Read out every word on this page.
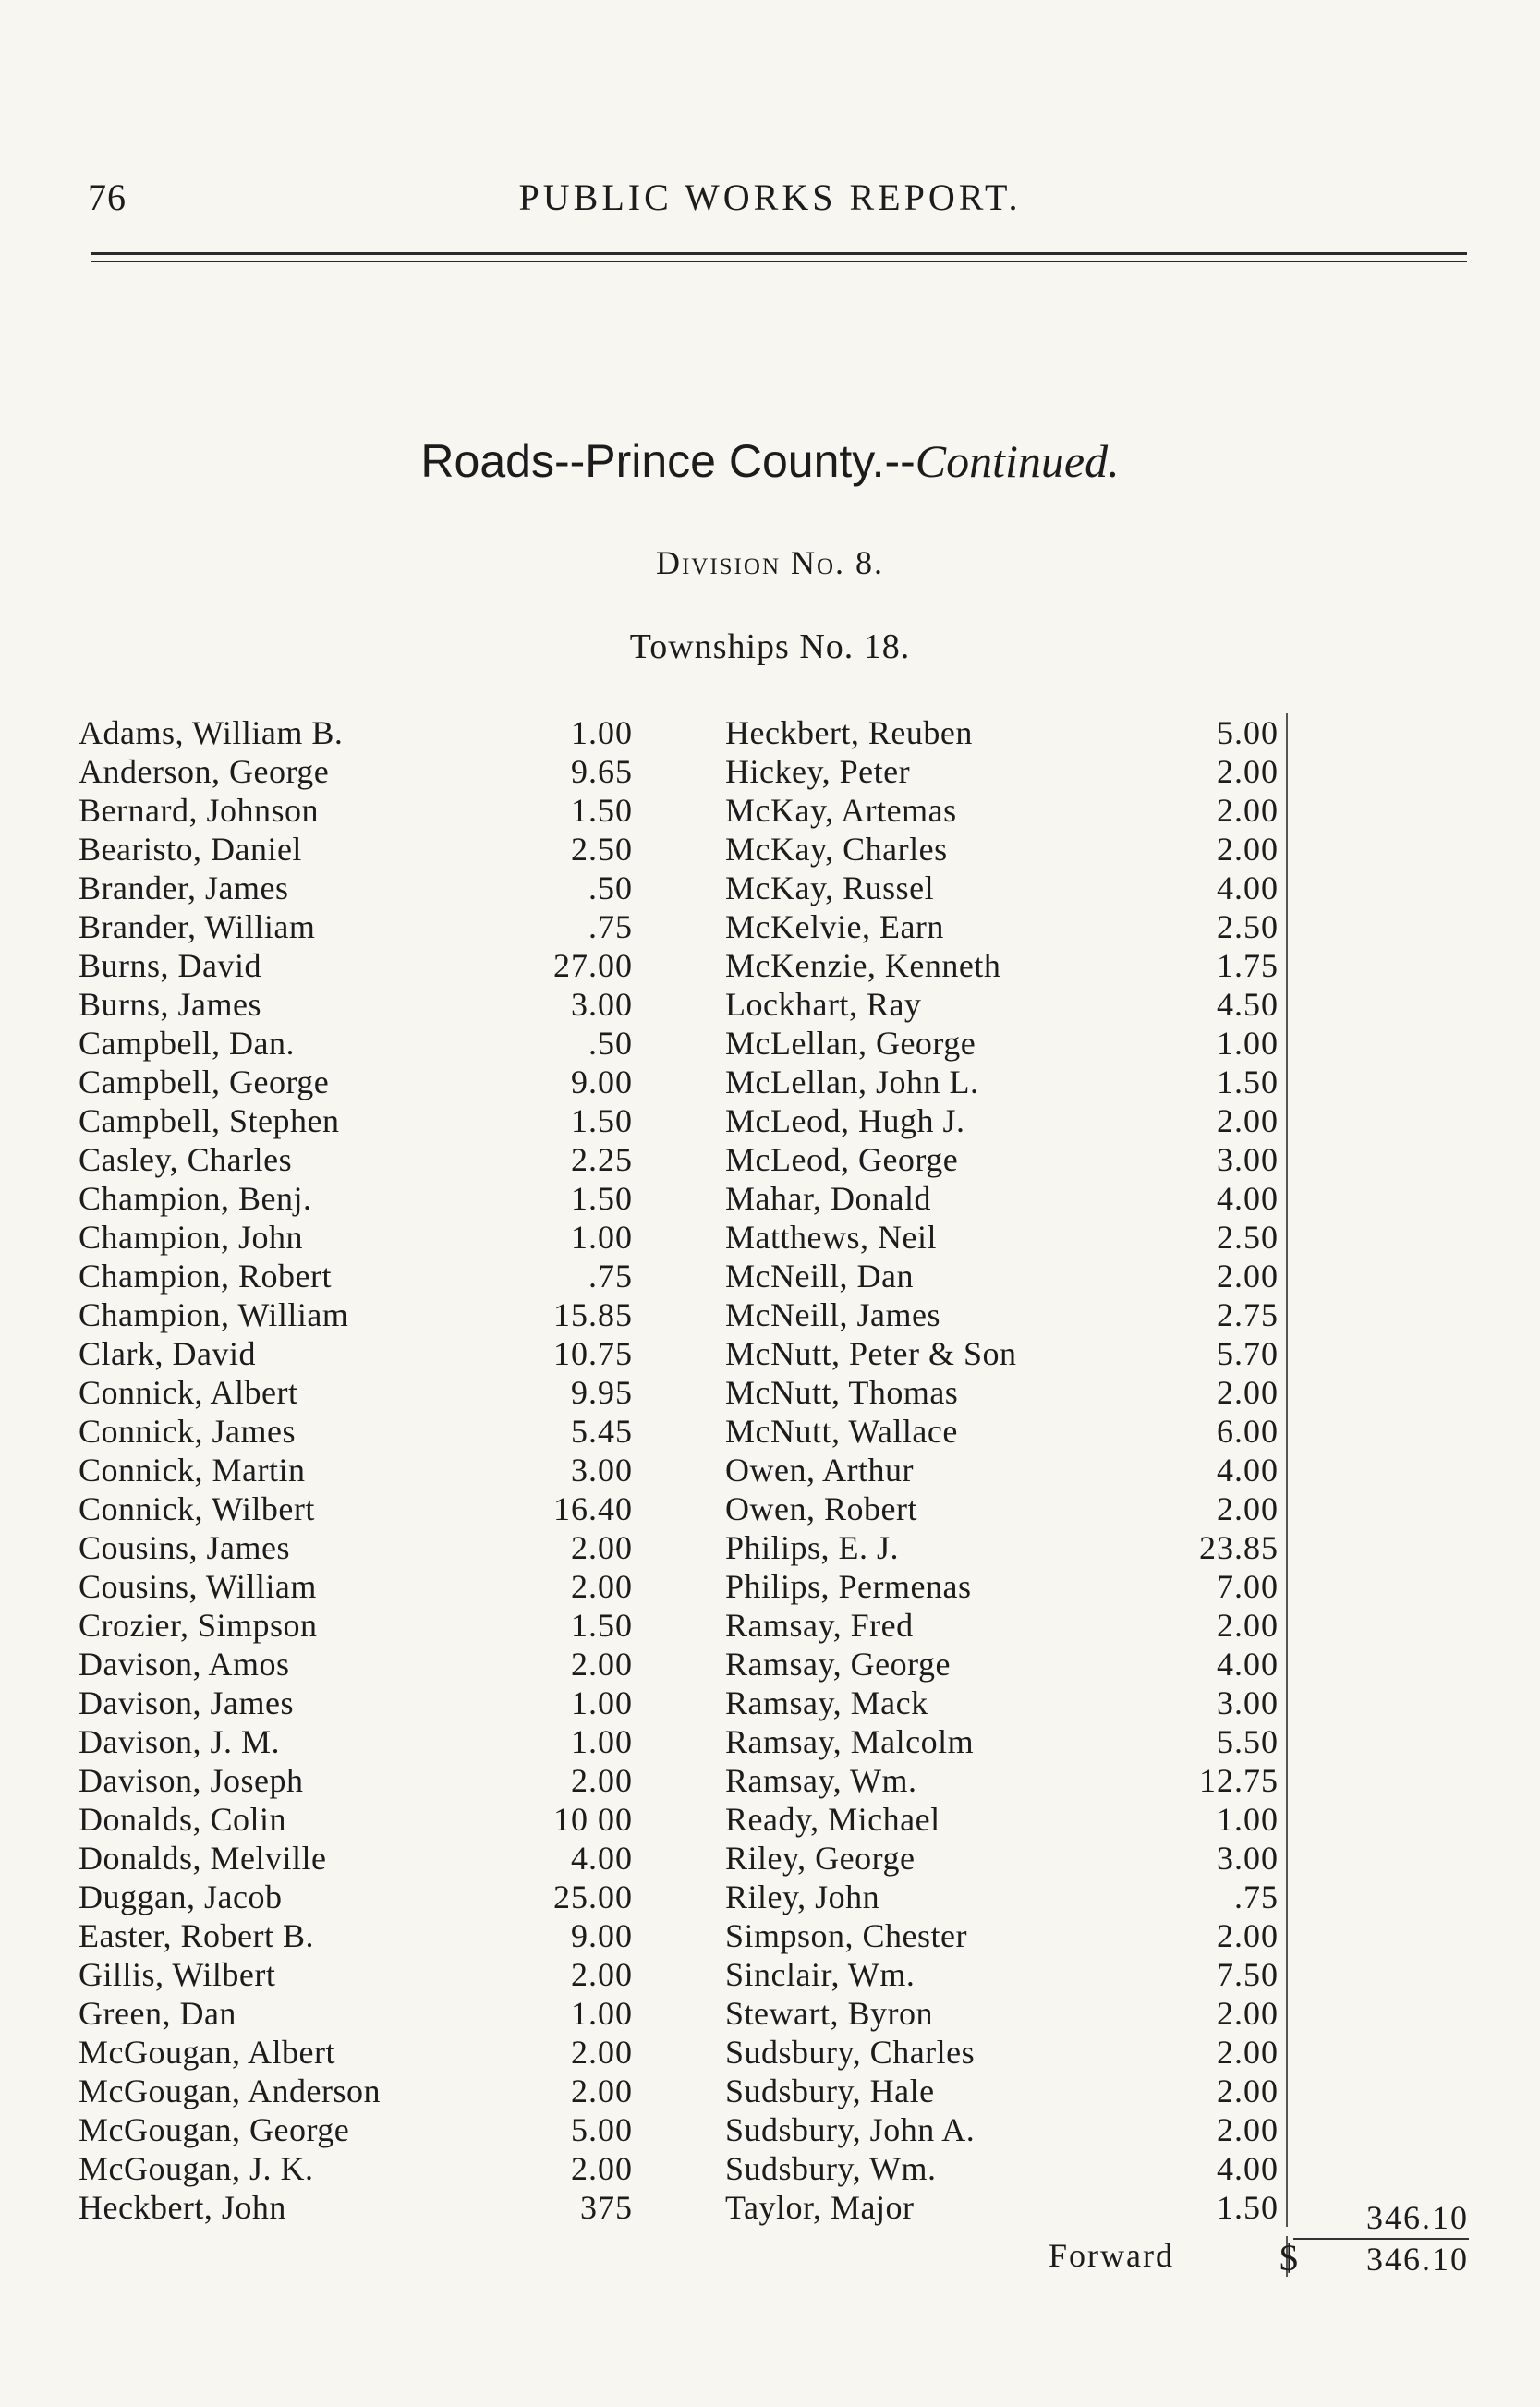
76	PUBLIC WORKS REPORT.
Roads--Prince County.--Continued.
Division No. 8.
Townships No. 18.
Adams, William B.	1.00
Anderson, George	9.65
Bernard, Johnson	1.50
Bearisto, Daniel	2.50
Brander, James	.50
Brander, William	.75
Burns, David	27.00
Burns, James	3.00
Campbell, Dan.	.50
Campbell, George	9.00
Campbell, Stephen	1.50
Casley, Charles	2.25
Champion, Benj.	1.50
Champion, John	1.00
Champion, Robert	.75
Champion, William	15.85
Clark, David	10.75
Connick, Albert	9.95
Connick, James	5.45
Connick, Martin	3.00
Connick, Wilbert	16.40
Cousins, James	2.00
Cousins, William	2.00
Crozier, Simpson	1.50
Davison, Amos	2.00
Davison, James	1.00
Davison, J. M.	1.00
Davison, Joseph	2.00
Donalds, Colin	10 00
Donalds, Melville	4.00
Duggan, Jacob	25.00
Easter, Robert B.	9.00
Gillis, Wilbert	2.00
Green, Dan	1.00
McGougan, Albert	2.00
McGougan, Anderson	2.00
McGougan, George	5.00
McGougan, J. K.	2.00
Heckbert, John	375
Heckbert, Reuben	5.00
Hickey, Peter	2.00
McKay, Artemas	2.00
McKay, Charles	2.00
McKay, Russel	4.00
McKelvie, Earn	2.50
McKenzie, Kenneth	1.75
Lockhart, Ray	4.50
McLellan, George	1.00
McLellan, John L.	1.50
McLeod, Hugh J.	2.00
McLeod, George	3.00
Mahar, Donald	4.00
Matthews, Neil	2.50
McNeill, Dan	2.00
McNeill, James	2.75
McNutt, Peter & Son	5.70
McNutt, Thomas	2.00
McNutt, Wallace	6.00
Owen, Arthur	4.00
Owen, Robert	2.00
Philips, E. J.	23.85
Philips, Permenas	7.00
Ramsay, Fred	2.00
Ramsay, George	4.00
Ramsay, Mack	3.00
Ramsay, Malcolm	5.50
Ramsay, Wm.	12.75
Ready, Michael	1.00
Riley, George	3.00
Riley, John	.75
Simpson, Chester	2.00
Sinclair, Wm.	7.50
Stewart, Byron	2.00
Sudsbury, Charles	2.00
Sudsbury, Hale	2.00
Sudsbury, John A.	2.00
Sudsbury, Wm.	4.00
Taylor, Major	1.50	346.10
Forward	$	346.10
